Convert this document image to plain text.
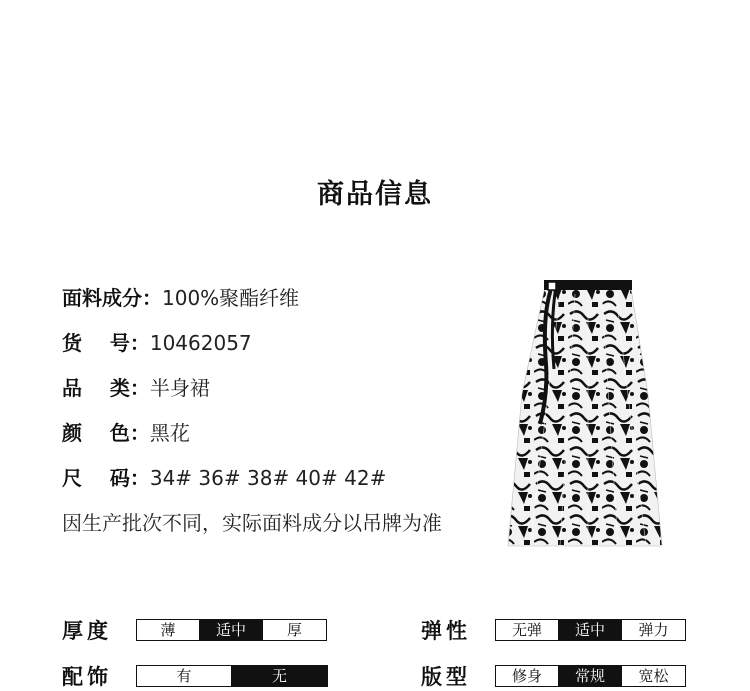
商品信息
面料成分：100%聚酯纤维
货    号：10462057
品    类：半身裙
颜    色：黑花
尺    码：34# 36# 38# 40# 42#
因生产批次不同，实际面料成分以吊牌为准
厚度	薄	适中	厚	弹性	无弹	适中	弹力
配饰	有	无	版型	修身	常规	宽松
